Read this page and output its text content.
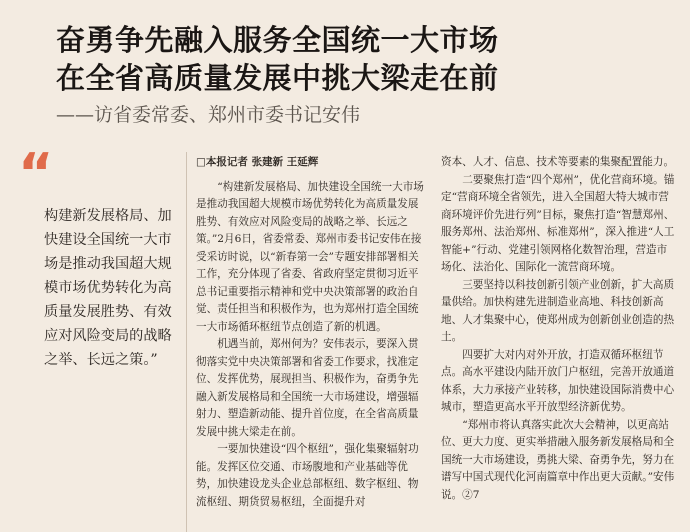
奋勇争先融入服务全国统一大市场
在全省高质量发展中挑大梁走在前
——访省委常委、郑州市委书记安伟
“
构建新发展格局、加快建设全国统一大市场是推动我国超大规模市场优势转化为高质量发展胜势、有效应对风险变局的战略之举、长远之策。”
□本报记者 张建新 王延辉

“构建新发展格局、加快建设全国统一大市场是推动我国超大规模市场优势转化为高质量发展胜势、有效应对风险变局的战略之举、长远之策。”2月6日，省委常委、郑州市委书记安伟在接受采访时说，以“新春第一会”专题安排部署相关工作，充分体现了省委、省政府坚定贯彻习近平总书记重要指示精神和党中央决策部署的政治自觉、责任担当和积极作为，也为郑州打造全国统一大市场循环枢纽节点创造了新的机遇。

机遇当前，郑州何为？安伟表示，要深入贯彻落实党中央决策部署和省委工作要求，找准定位、发挥优势，展现担当、积极作为，奋勇争先融入新发展格局和全国统一大市场建设，增强辐射力、塑造新动能、提升首位度，在全省高质量发展中挑大梁走在前。

一要加快建设“四个枢纽”，强化集聚辐射功能。发挥区位交通、市场腹地和产业基础等优势，加快建设龙头企业总部枢纽、数字枢纽、物流枢纽、期货贸易枢纽，全面提升对

资本、人才、信息、技术等要素的集聚配置能力。

二要聚焦打造“四个郑州”，优化营商环境。锚定“营商环境全省领先，进入全国超大特大城市营商环境评价先进行列”目标，聚焦打造“智慧郑州、服务郑州、法治郑州、标准郑州”，深入推进“人工智能+”行动、党建引领网格化数智治理，营造市场化、法治化、国际化一流营商环境。

三要坚持以科技创新引领产业创新，扩大高质量供给。加快构建先进制造业高地、科技创新高地、人才集聚中心，使郑州成为创新创业创造的热土。

四要扩大对内对外开放，打造双循环枢纽节点。高水平建设内陆开放门户枢纽，完善开放通道体系，大力承接产业转移，加快建设国际消费中心城市，塑造更高水平开放型经济新优势。

“郑州市将认真落实此次大会精神，以更高站位、更大力度、更实举措融入服务新发展格局和全国统一大市场建设，勇挑大梁、奋勇争先，努力在谱写中国式现代化河南篇章中作出更大贡献。”安伟说。②7
